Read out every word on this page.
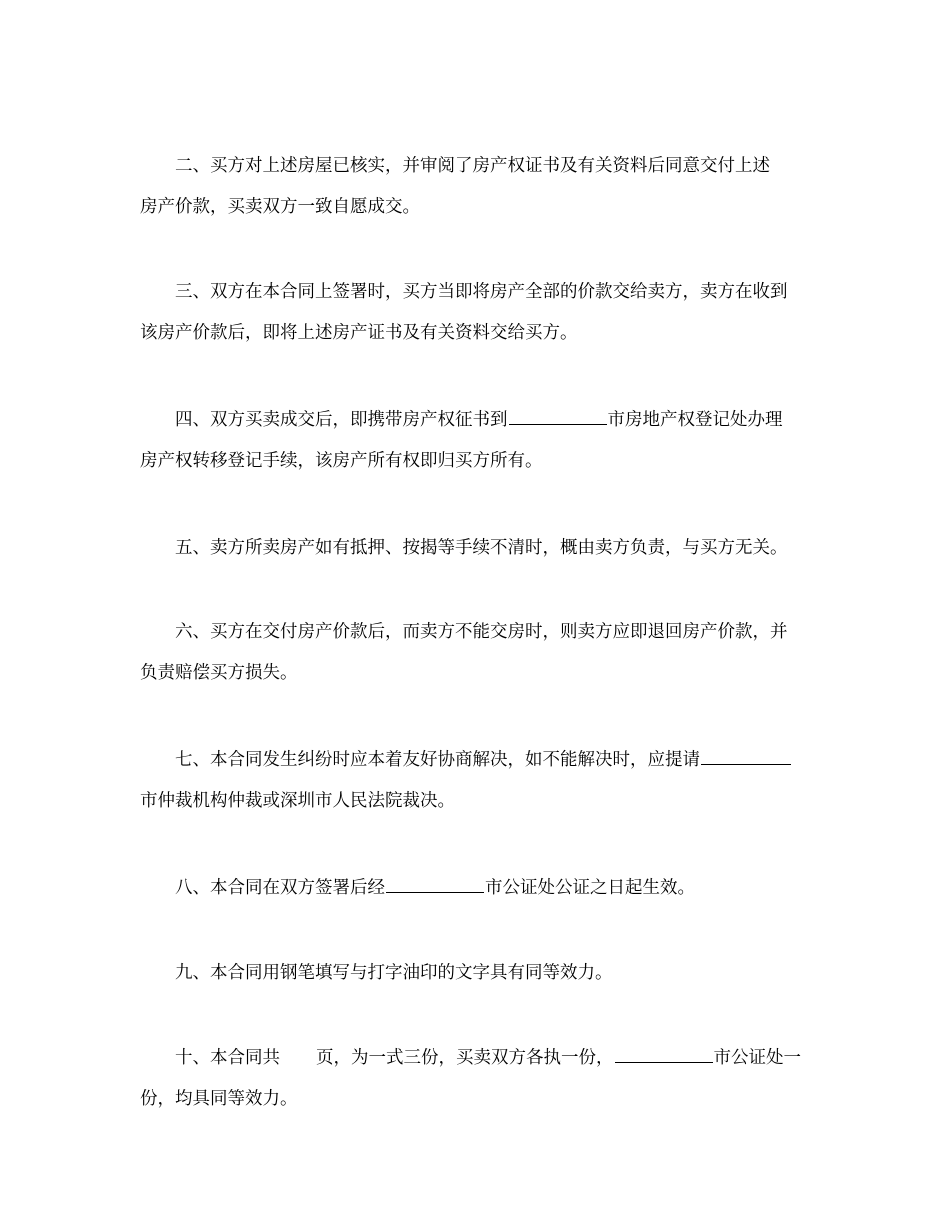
二、买方对上述房屋已核实，并审阅了房产权证书及有关资料后同意交付上述
房产价款，买卖双方一致自愿成交。
三、双方在本合同上签署时，买方当即将房产全部的价款交给卖方，卖方在收到
该房产价款后，即将上述房产证书及有关资料交给买方。
四、双方买卖成交后，即携带房产权征书到	市房地产权登记处办理
房产权转移登记手续，该房产所有权即归买方所有。
五、卖方所卖房产如有抵押、按揭等手续不清时，概由卖方负责，与买方无关。
六、买方在交付房产价款后，而卖方不能交房时，则卖方应即退回房产价款，并
负责赔偿买方损失。
七、本合同发生纠纷时应本着友好协商解决，如不能解决时，应提请
市仲裁机构仲裁或深圳市人民法院裁决。
八、本合同在双方签署后经	市公证处公证之日起生效。
九、本合同用钢笔填写与打字油印的文字具有同等效力。
十、本合同共 页，为一式三份，买卖双方各执一份，	市公证处一
份，均具同等效力。
